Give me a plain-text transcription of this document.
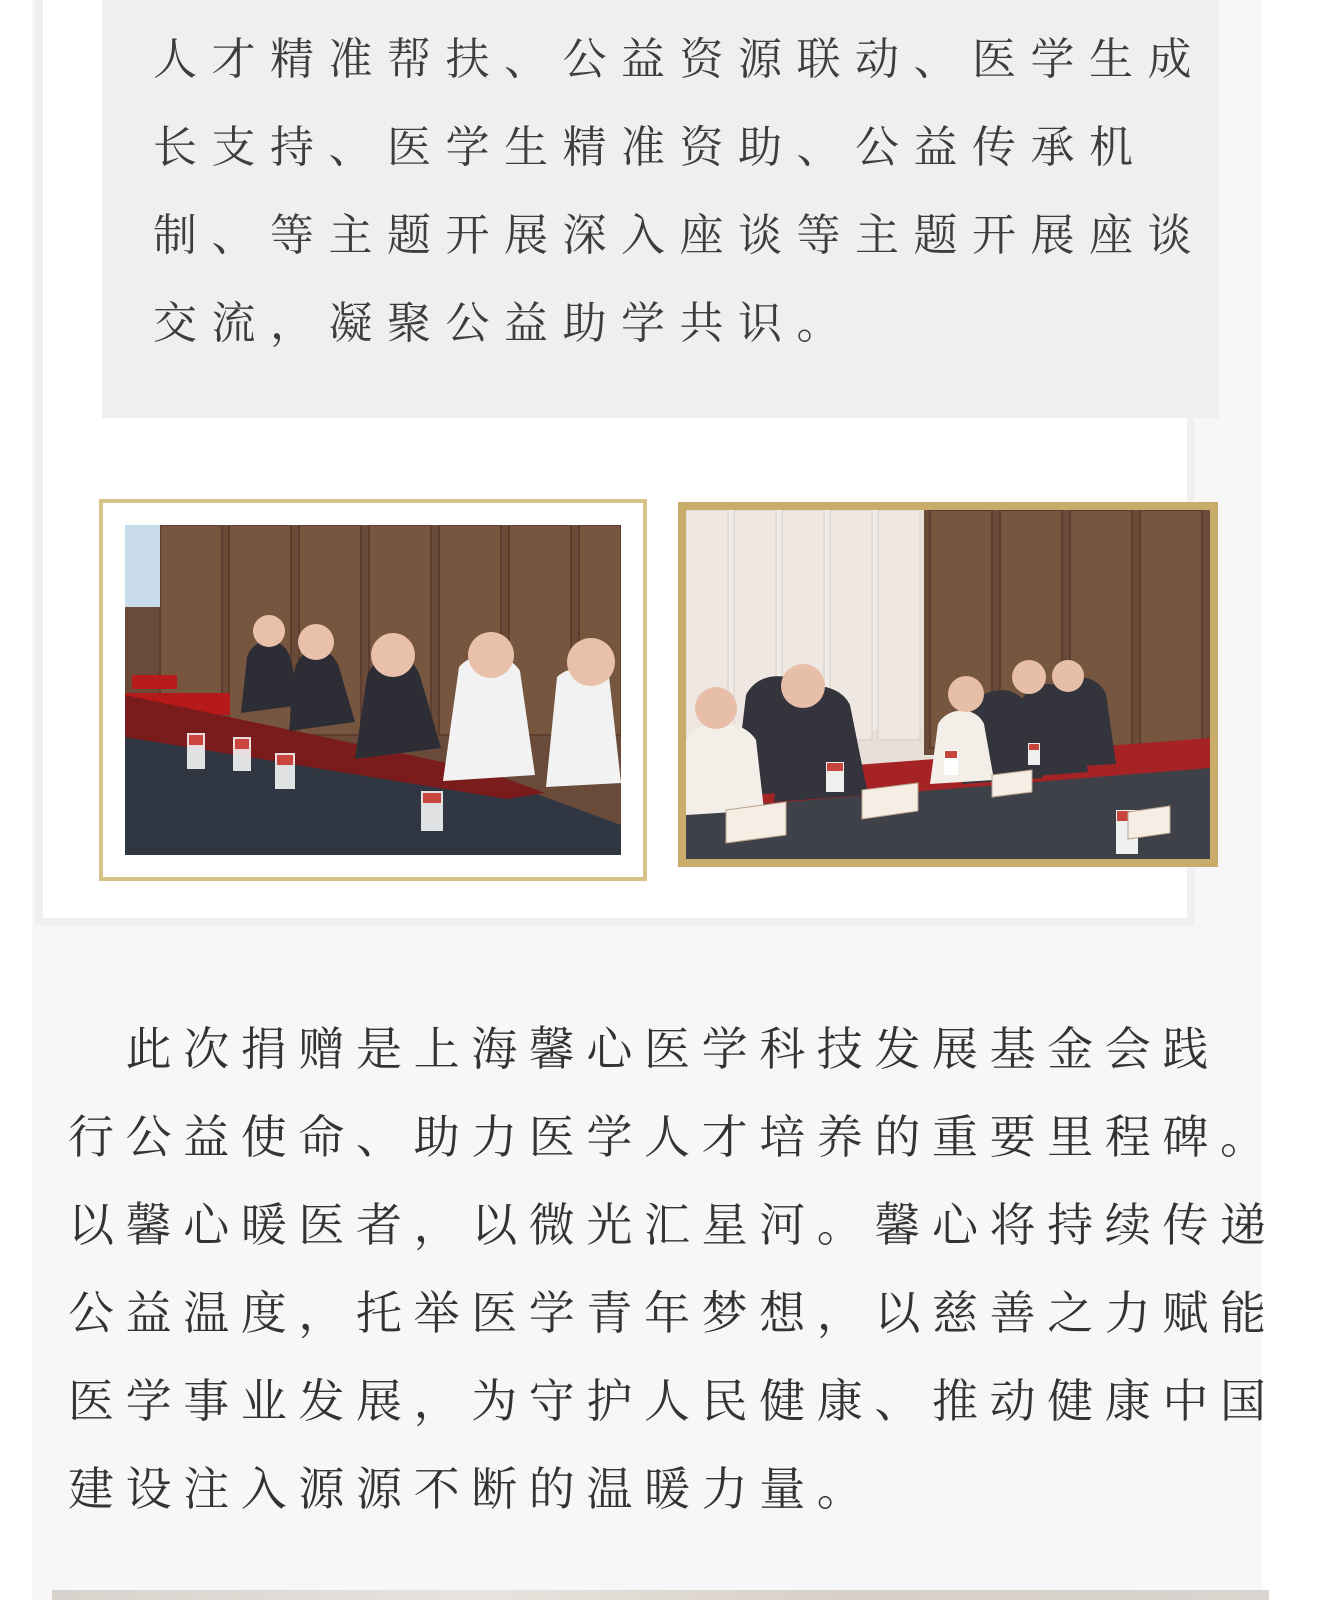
人才精准帮扶、公益资源联动、医学生成
长支持、医学生精准资助、公益传承机
制、等主题开展深入座谈等主题开展座谈
交流，凝聚公益助学共识。
　此次捐赠是上海馨心医学科技发展基金会践
行公益使命、助力医学人才培养的重要里程碑。
以馨心暖医者，以微光汇星河。馨心将持续传递
公益温度，托举医学青年梦想，以慈善之力赋能
医学事业发展，为守护人民健康、推动健康中国
建设注入源源不断的温暖力量。
